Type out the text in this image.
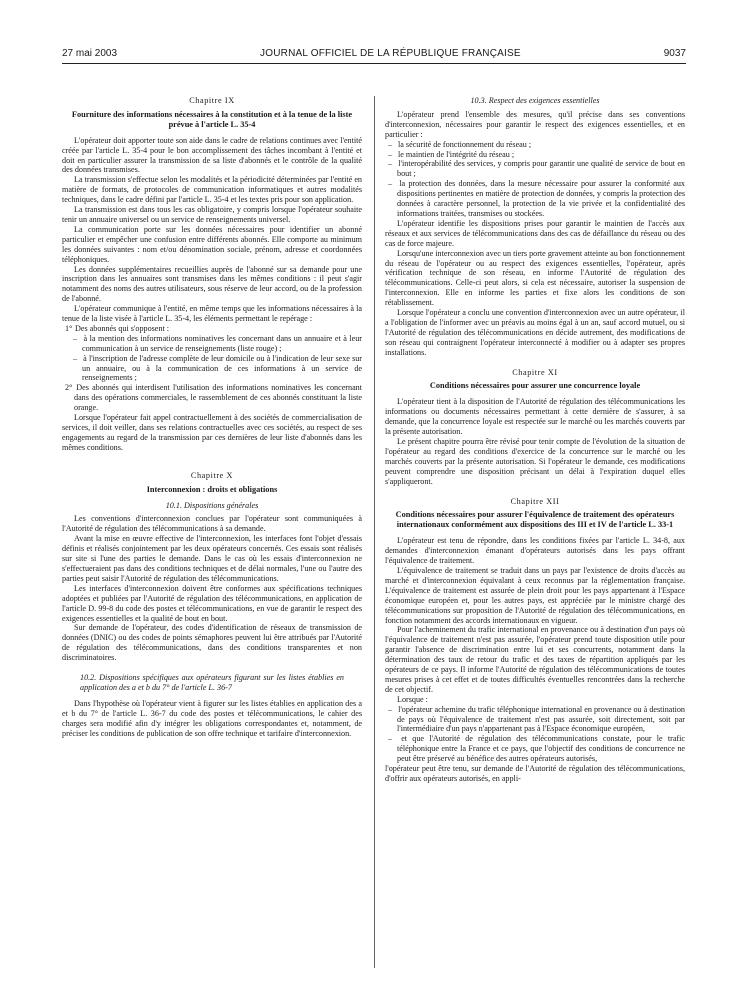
27 mai 2003	JOURNAL OFFICIEL DE LA RÉPUBLIQUE FRANÇAISE	9037

Chapitre IX

Fourniture des informations nécessaires à la constitution et à la tenue de la liste prévue à l'article L. 35-4

L'opérateur doit apporter toute son aide dans le cadre de relations continues avec l'entité créée par l'article L. 35-4 pour le bon accomplissement des tâches incombant à l'entité et doit en particulier assurer la transmission de sa liste d'abonnés et le contrôle de la qualité des données transmises.

La transmission s'effectue selon les modalités et la périodicité déterminées par l'entité en matière de formats, de protocoles de communication informatiques et autres modalités techniques, dans le cadre défini par l'article L. 35-4 et les textes pris pour son application.

La transmission est dans tous les cas obligatoire, y compris lorsque l'opérateur souhaite tenir un annuaire universel ou un service de renseignements universel.

La communication porte sur les données nécessaires pour identifier un abonné particulier et empêcher une confusion entre différents abonnés. Elle comporte au minimum les données suivantes : nom et/ou dénomination sociale, prénom, adresse et coordonnées téléphoniques.

Les données supplémentaires recueillies auprès de l'abonné sur sa demande pour une inscription dans les annuaires sont transmises dans les mêmes conditions : il peut s'agir notamment des noms des autres utilisateurs, sous réserve de leur accord, ou de la profession de l'abonné.

L'opérateur communique à l'entité, en même temps que les informations nécessaires à la tenue de la liste visée à l'article L. 35-4, les éléments permettant le repérage :

1° Des abonnés qui s'opposent :

– à la mention des informations nominatives les concernant dans un annuaire et à leur communication à un service de renseignements (liste rouge) ;

– à l'inscription de l'adresse complète de leur domicile ou à l'indication de leur sexe sur un annuaire, ou à la communication de ces informations à un service de renseignements ;

2° Des abonnés qui interdisent l'utilisation des informations nominatives les concernant dans des opérations commerciales, le rassemblement de ces abonnés constituant la liste orange.

Lorsque l'opérateur fait appel contractuellement à des sociétés de commercialisation de services, il doit veiller, dans ses relations contractuelles avec ces sociétés, au respect de ses engagements au regard de la transmission par ces dernières de leur liste d'abonnés dans les mêmes conditions.

Chapitre X

Interconnexion : droits et obligations

10.1. Dispositions générales

Les conventions d'interconnexion conclues par l'opérateur sont communiquées à l'Autorité de régulation des télécommunications à sa demande.

Avant la mise en œuvre effective de l'interconnexion, les interfaces font l'objet d'essais définis et réalisés conjointement par les deux opérateurs concernés. Ces essais sont réalisés sur site si l'une des parties le demande. Dans le cas où les essais d'interconnexion ne s'effectueraient pas dans des conditions techniques et de délai normales, l'une ou l'autre des parties peut saisir l'Autorité de régulation des télécommunications.

Les interfaces d'interconnexion doivent être conformes aux spécifications techniques adoptées et publiées par l'Autorité de régulation des télécommunications, en application de l'article D. 99-8 du code des postes et télécommunications, en vue de garantir le respect des exigences essentielles et la qualité de bout en bout.

Sur demande de l'opérateur, des codes d'identification de réseaux de transmission de données (DNIC) ou des codes de points sémaphores peuvent lui être attribués par l'Autorité de régulation des télécommunications, dans des conditions transparentes et non discriminatoires.

10.2. Dispositions spécifiques aux opérateurs figurant sur les listes établies en application des a et b du 7° de l'article L. 36-7

Dans l'hypothèse où l'opérateur vient à figurer sur les listes établies en application des a et b du 7° de l'article L. 36-7 du code des postes et télécommunications, le cahier des charges sera modifié afin d'y intégrer les obligations correspondantes et, notamment, de préciser les conditions de publication de son offre technique et tarifaire d'interconnexion.

10.3. Respect des exigences essentielles

L'opérateur prend l'ensemble des mesures, qu'il précise dans ses conventions d'interconnexion, nécessaires pour garantir le respect des exigences essentielles, et en particulier :

– la sécurité de fonctionnement du réseau ;

– le maintien de l'intégrité du réseau ;

– l'interopérabilité des services, y compris pour garantir une qualité de service de bout en bout ;

– la protection des données, dans la mesure nécessaire pour assurer la conformité aux dispositions pertinentes en matière de protection de données, y compris la protection des données à caractère personnel, la protection de la vie privée et la confidentialité des informations traitées, transmises ou stockées.

L'opérateur identifie les dispositions prises pour garantir le maintien de l'accès aux réseaux et aux services de télécommunications dans des cas de défaillance du réseau ou des cas de force majeure.

Lorsqu'une interconnexion avec un tiers porte gravement atteinte au bon fonctionnement du réseau de l'opérateur ou au respect des exigences essentielles, l'opérateur, après vérification technique de son réseau, en informe l'Autorité de régulation des télécommunications. Celle-ci peut alors, si cela est nécessaire, autoriser la suspension de l'interconnexion. Elle en informe les parties et fixe alors les conditions de son rétablissement.

Lorsque l'opérateur a conclu une convention d'interconnexion avec un autre opérateur, il a l'obligation de l'informer avec un préavis au moins égal à un an, sauf accord mutuel, ou si l'Autorité de régulation des télécommunications en décide autrement, des modifications de son réseau qui contraignent l'opérateur interconnecté à modifier ou à adapter ses propres installations.

Chapitre XI

Conditions nécessaires pour assurer une concurrence loyale

L'opérateur tient à la disposition de l'Autorité de régulation des télécommunications les informations ou documents nécessaires permettant à cette dernière de s'assurer, à sa demande, que la concurrence loyale est respectée sur le marché ou les marchés couverts par la présente autorisation.

Le présent chapitre pourra être révisé pour tenir compte de l'évolution de la situation de l'opérateur au regard des conditions d'exercice de la concurrence sur le marché ou les marchés couverts par la présente autorisation. Si l'opérateur le demande, ces modifications peuvent comprendre une disposition précisant un délai à l'expiration duquel elles s'appliqueront.

Chapitre XII

Conditions nécessaires pour assurer l'équivalence de traitement des opérateurs internationaux conformément aux dispositions des III et IV de l'article L. 33-1

L'opérateur est tenu de répondre, dans les conditions fixées par l'article L. 34-8, aux demandes d'interconnexion émanant d'opérateurs autorisés dans les pays offrant l'équivalence de traitement.

L'équivalence de traitement se traduit dans un pays par l'existence de droits d'accès au marché et d'interconnexion équivalant à ceux reconnus par la réglementation française. L'équivalence de traitement est assurée de plein droit pour les pays appartenant à l'Espace économique européen et, pour les autres pays, est appréciée par le ministre chargé des télécommunications sur proposition de l'Autorité de régulation des télécommunications, en fonction notamment des accords internationaux en vigueur.

Pour l'acheminement du trafic international en provenance ou à destination d'un pays où l'équivalence de traitement n'est pas assurée, l'opérateur prend toute disposition utile pour garantir l'absence de discrimination entre lui et ses concurrents, notamment dans la détermination des taux de retour du trafic et des taxes de répartition appliqués par les opérateurs de ce pays. Il informe l'Autorité de régulation des télécommunications de toutes mesures prises à cet effet et de toutes difficultés éventuelles rencontrées dans la recherche de cet objectif.

Lorsque :

– l'opérateur achemine du trafic téléphonique international en provenance ou à destination de pays où l'équivalence de traitement n'est pas assurée, soit directement, soit par l'intermédiaire d'un pays n'appartenant pas à l'Espace économique européen,

– et que l'Autorité de régulation des télécommunications constate, pour le trafic téléphonique entre la France et ce pays, que l'objectif des conditions de concurrence ne peut être préservé au bénéfice des autres opérateurs autorisés,

l'opérateur peut être tenu, sur demande de l'Autorité de régulation des télécommunications, d'offrir aux opérateurs autorisés, en appli-
